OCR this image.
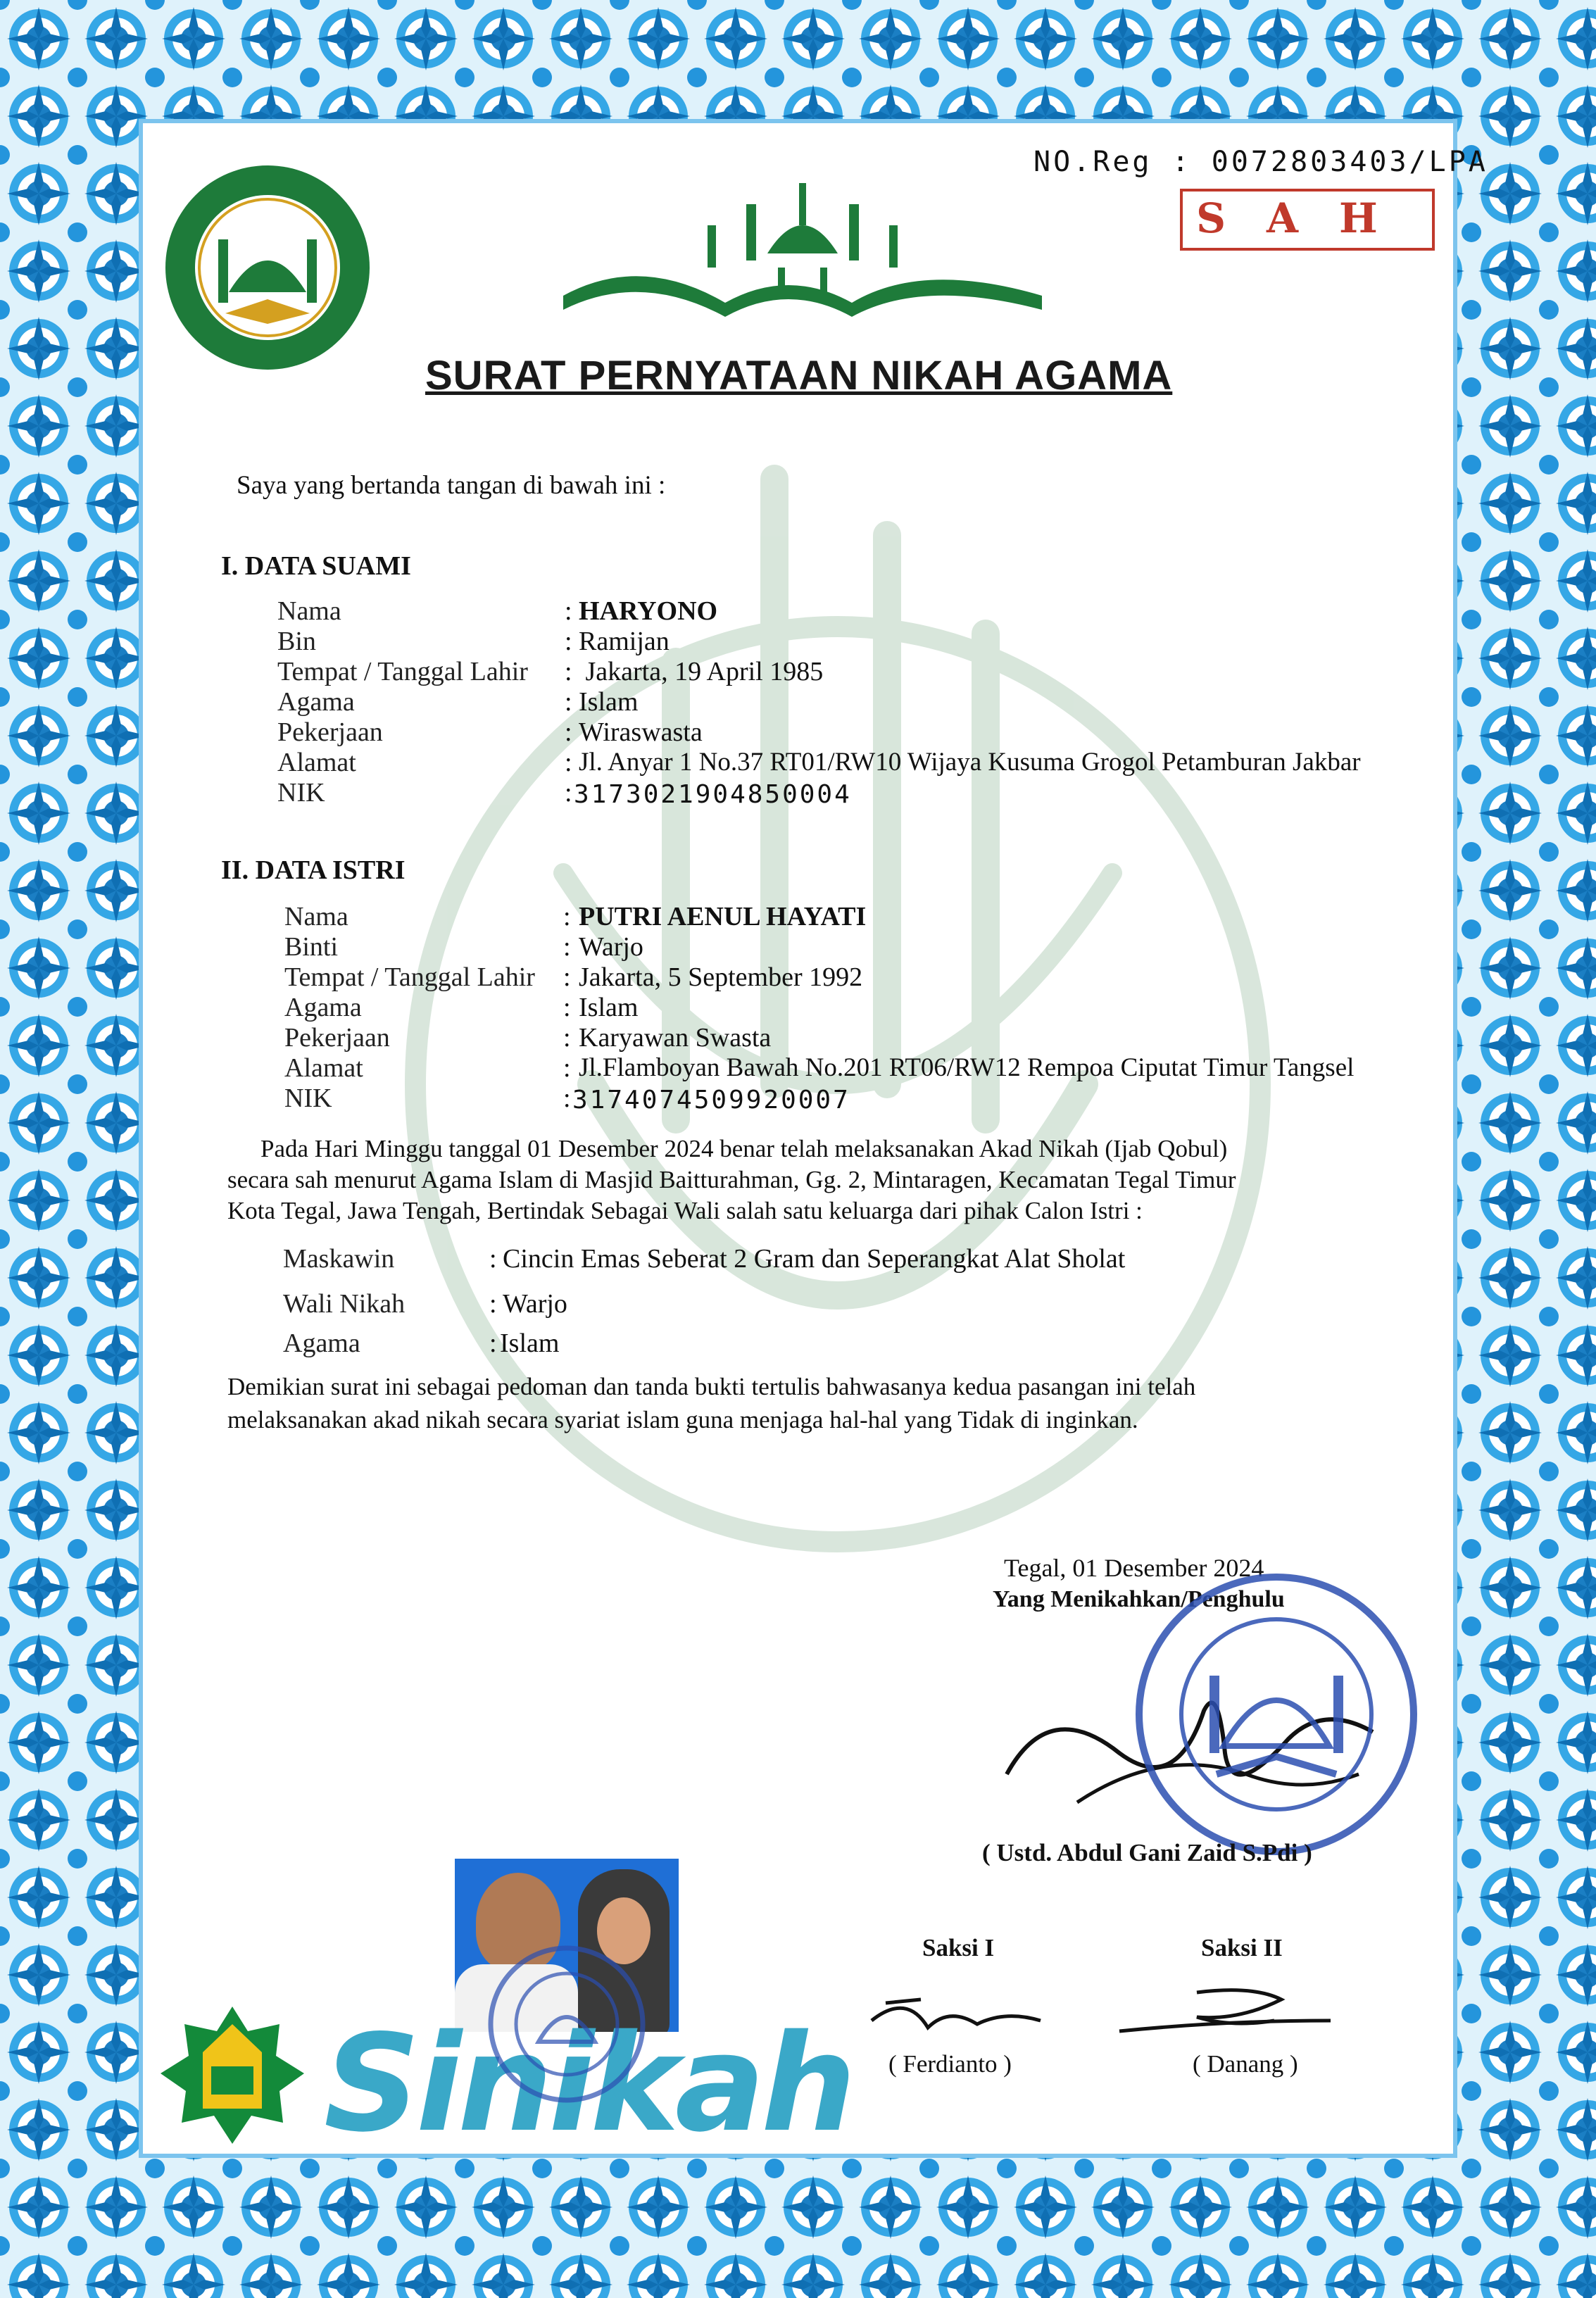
NO.Reg : 0072803403/LPA
SAH
SURAT PERNYATAAN NIKAH AGAMA
Saya yang bertanda tangan di bawah ini :
I. DATA SUAMI
Nama	: HARYONO
Bin	: Ramijan
Tempat / Tanggal Lahir : Jakarta, 19 April 1985
Agama	: Islam
Pekerjaan	: Wiraswasta
Alamat	: Jl. Anyar 1 No.37 RT01/RW10 Wijaya Kusuma Grogol Petamburan Jakbar
NIK	: 3173021904850004
II. DATA ISTRI
Nama	: PUTRI AENUL HAYATI
Binti	: Warjo
Tempat / Tanggal Lahir : Jakarta, 5 September 1992
Agama	: Islam
Pekerjaan	: Karyawan Swasta
Alamat	: Jl.Flamboyan Bawah No.201 RT06/RW12 Rempoa Ciputat Timur Tangsel
NIK	: 3174074509920007
Pada Hari Minggu tanggal 01 Desember 2024 benar telah melaksanakan Akad Nikah (Ijab Qobul)
secara sah menurut Agama Islam di Masjid Baitturahman, Gg. 2, Mintaragen, Kecamatan Tegal Timur
Kota Tegal, Jawa Tengah, Bertindak Sebagai Wali salah satu keluarga dari pihak Calon Istri :
Maskawin	: Cincin Emas Seberat 2 Gram dan Seperangkat Alat Sholat
Wali Nikah	: Warjo
Agama	: Islam
Demikian surat ini sebagai pedoman dan tanda bukti tertulis bahwasanya kedua pasangan ini telah
melaksanakan akad nikah secara syariat islam guna menjaga hal-hal yang Tidak di inginkan.
Tegal, 01 Desember 2024
Yang Menikahkan/Penghulu
( Ustd. Abdul Gani Zaid S.Pdi )
Saksi I	Saksi II
( Ferdianto )	( Danang )
Sinikah
